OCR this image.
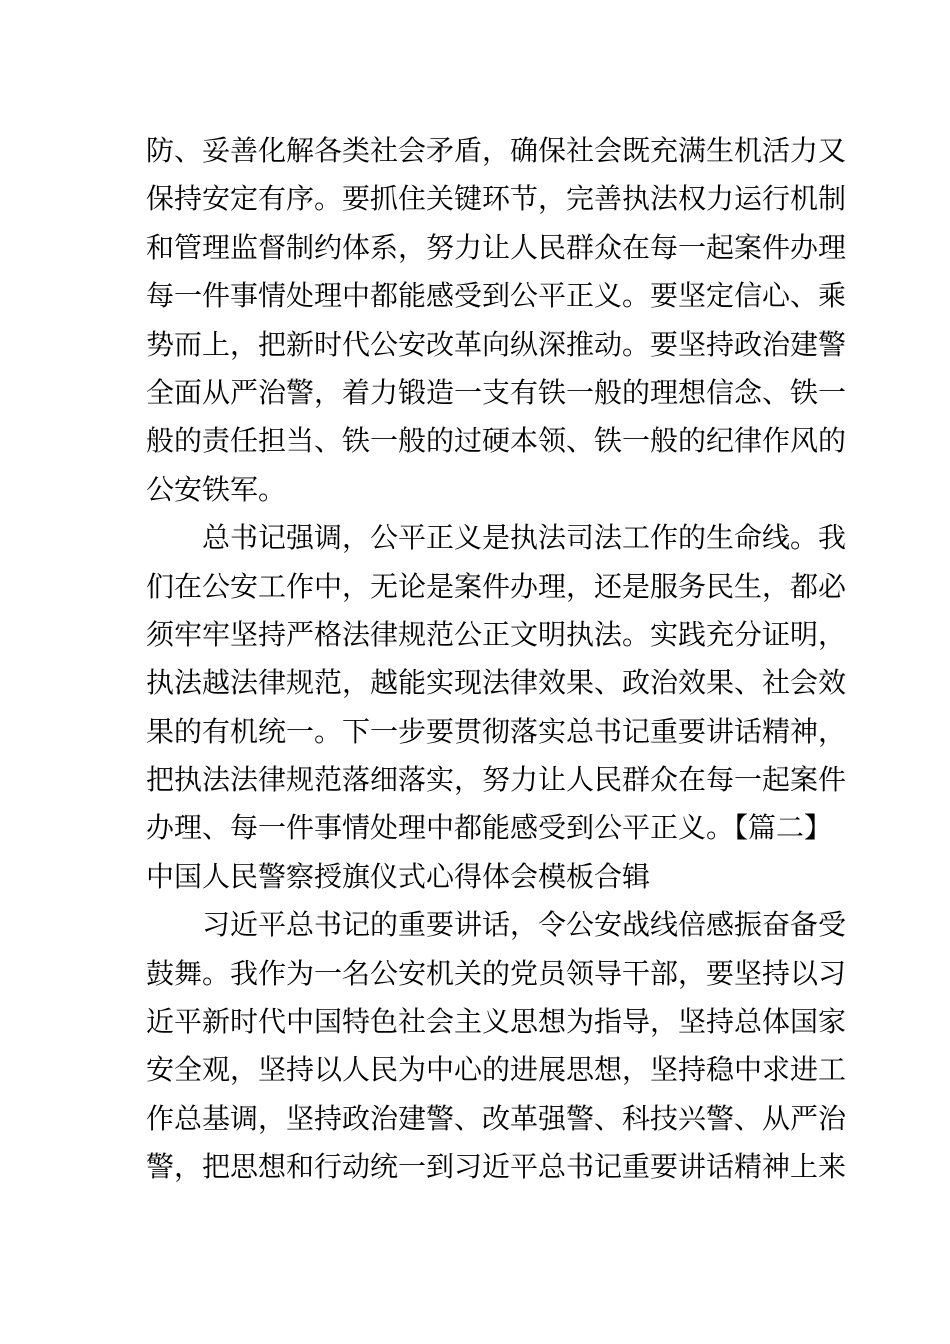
防、妥善化解各类社会矛盾，确保社会既充满生机活力又
保持安定有序。要抓住关键环节，完善执法权力运行机制
和管理监督制约体系，努力让人民群众在每一起案件办理
每一件事情处理中都能感受到公平正义。要坚定信心、乘
势而上，把新时代公安改革向纵深推动。要坚持政治建警
全面从严治警，着力锻造一支有铁一般的理想信念、铁一
般的责任担当、铁一般的过硬本领、铁一般的纪律作风的
公安铁军。
总书记强调，公平正义是执法司法工作的生命线。我
们在公安工作中，无论是案件办理，还是服务民生，都必
须牢牢坚持严格法律规范公正文明执法。实践充分证明，
执法越法律规范，越能实现法律效果、政治效果、社会效
果的有机统一。下一步要贯彻落实总书记重要讲话精神，
把执法法律规范落细落实，努力让人民群众在每一起案件
办理、每一件事情处理中都能感受到公平正义。【篇二】
中国人民警察授旗仪式心得体会模板合辑
习近平总书记的重要讲话，令公安战线倍感振奋备受
鼓舞。我作为一名公安机关的党员领导干部，要坚持以习
近平新时代中国特色社会主义思想为指导，坚持总体国家
安全观，坚持以人民为中心的进展思想，坚持稳中求进工
作总基调，坚持政治建警、改革强警、科技兴警、从严治
警，把思想和行动统一到习近平总书记重要讲话精神上来
